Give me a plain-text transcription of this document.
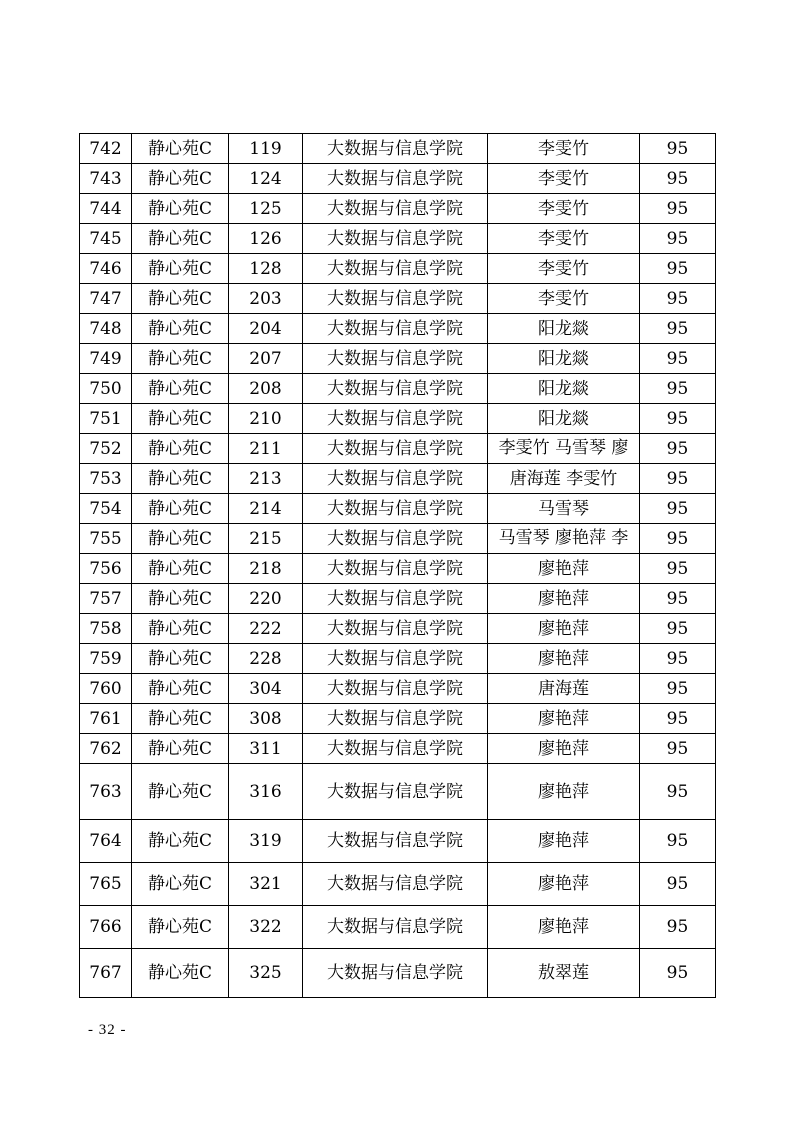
742	静心苑C	119	大数据与信息学院	李雯竹	95
743	静心苑C	124	大数据与信息学院	李雯竹	95
744	静心苑C	125	大数据与信息学院	李雯竹	95
745	静心苑C	126	大数据与信息学院	李雯竹	95
746	静心苑C	128	大数据与信息学院	李雯竹	95
747	静心苑C	203	大数据与信息学院	李雯竹	95
748	静心苑C	204	大数据与信息学院	阳龙燚	95
749	静心苑C	207	大数据与信息学院	阳龙燚	95
750	静心苑C	208	大数据与信息学院	阳龙燚	95
751	静心苑C	210	大数据与信息学院	阳龙燚	95
752	静心苑C	211	大数据与信息学院	李雯竹 马雪琴 廖	95
753	静心苑C	213	大数据与信息学院	唐海莲 李雯竹	95
754	静心苑C	214	大数据与信息学院	马雪琴	95
755	静心苑C	215	大数据与信息学院	马雪琴 廖艳萍 李	95
756	静心苑C	218	大数据与信息学院	廖艳萍	95
757	静心苑C	220	大数据与信息学院	廖艳萍	95
758	静心苑C	222	大数据与信息学院	廖艳萍	95
759	静心苑C	228	大数据与信息学院	廖艳萍	95
760	静心苑C	304	大数据与信息学院	唐海莲	95
761	静心苑C	308	大数据与信息学院	廖艳萍	95
762	静心苑C	311	大数据与信息学院	廖艳萍	95
763	静心苑C	316	大数据与信息学院	廖艳萍	95
764	静心苑C	319	大数据与信息学院	廖艳萍	95
765	静心苑C	321	大数据与信息学院	廖艳萍	95
766	静心苑C	322	大数据与信息学院	廖艳萍	95
767	静心苑C	325	大数据与信息学院	敖翠莲	95
- 32 -
